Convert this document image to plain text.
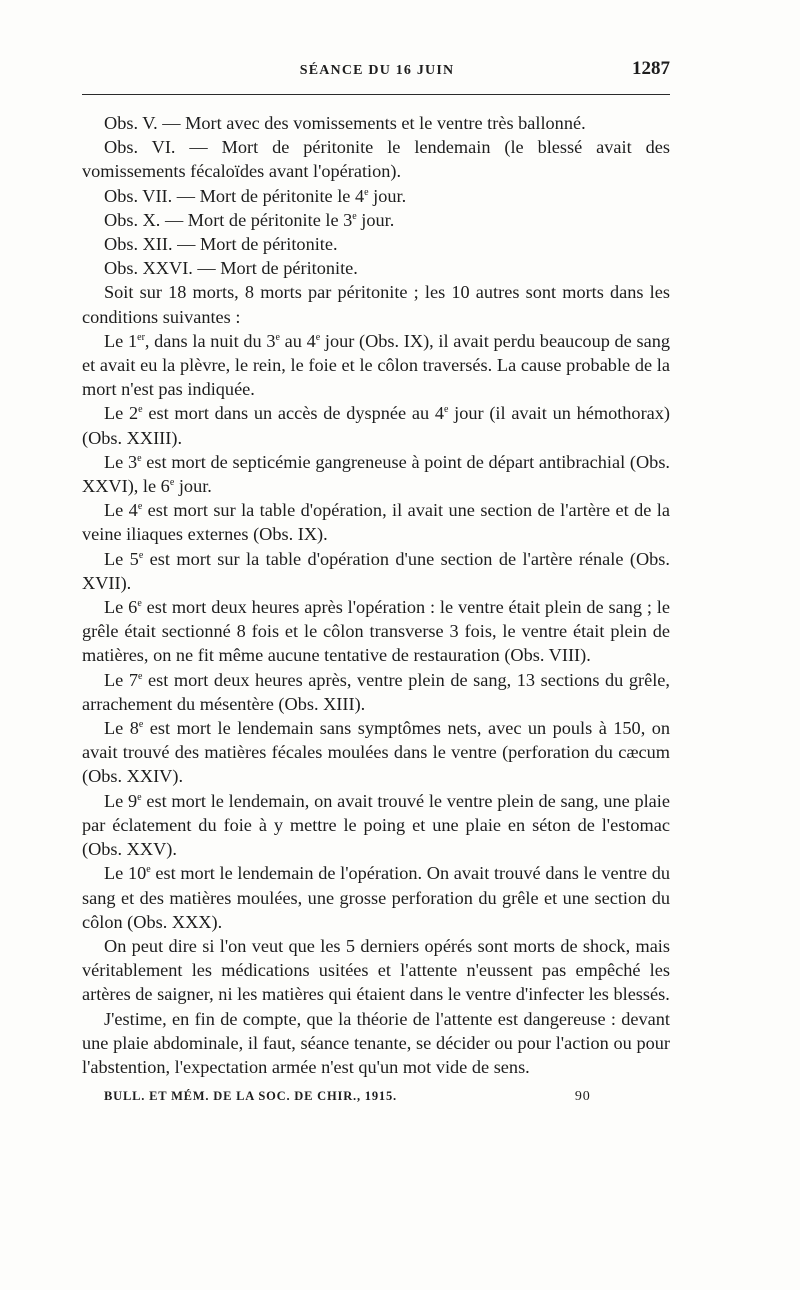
SÉANCE DU 16 JUIN	1287

Obs. V. — Mort avec des vomissements et le ventre très ballonné.

Obs. VI. — Mort de péritonite le lendemain (le blessé avait des vomissements fécaloïdes avant l'opération).

Obs. VII. — Mort de péritonite le 4e jour.

Obs. X. — Mort de péritonite le 3e jour.

Obs. XII. — Mort de péritonite.

Obs. XXVI. — Mort de péritonite.

Soit sur 18 morts, 8 morts par péritonite ; les 10 autres sont morts dans les conditions suivantes :

Le 1er, dans la nuit du 3e au 4e jour (Obs. IX), il avait perdu beaucoup de sang et avait eu la plèvre, le rein, le foie et le côlon traversés. La cause probable de la mort n'est pas indiquée.

Le 2e est mort dans un accès de dyspnée au 4e jour (il avait un hémothorax) (Obs. XXIII).

Le 3e est mort de septicémie gangreneuse à point de départ antibrachial (Obs. XXVI), le 6e jour.

Le 4e est mort sur la table d'opération, il avait une section de l'artère et de la veine iliaques externes (Obs. IX).

Le 5e est mort sur la table d'opération d'une section de l'artère rénale (Obs. XVII).

Le 6e est mort deux heures après l'opération : le ventre était plein de sang ; le grêle était sectionné 8 fois et le côlon transverse 3 fois, le ventre était plein de matières, on ne fit même aucune tentative de restauration (Obs. VIII).

Le 7e est mort deux heures après, ventre plein de sang, 13 sections du grêle, arrachement du mésentère (Obs. XIII).

Le 8e est mort le lendemain sans symptômes nets, avec un pouls à 150, on avait trouvé des matières fécales moulées dans le ventre (perforation du cæcum (Obs. XXIV).

Le 9e est mort le lendemain, on avait trouvé le ventre plein de sang, une plaie par éclatement du foie à y mettre le poing et une plaie en séton de l'estomac (Obs. XXV).

Le 10e est mort le lendemain de l'opération. On avait trouvé dans le ventre du sang et des matières moulées, une grosse perforation du grêle et une section du côlon (Obs. XXX).

On peut dire si l'on veut que les 5 derniers opérés sont morts de shock, mais véritablement les médications usitées et l'attente n'eussent pas empêché les artères de saigner, ni les matières qui étaient dans le ventre d'infecter les blessés.

J'estime, en fin de compte, que la théorie de l'attente est dangereuse : devant une plaie abdominale, il faut, séance tenante, se décider ou pour l'action ou pour l'abstention, l'expectation armée n'est qu'un mot vide de sens.

BULL. ET MÉM. DE LA SOC. DE CHIR., 1915.	90
